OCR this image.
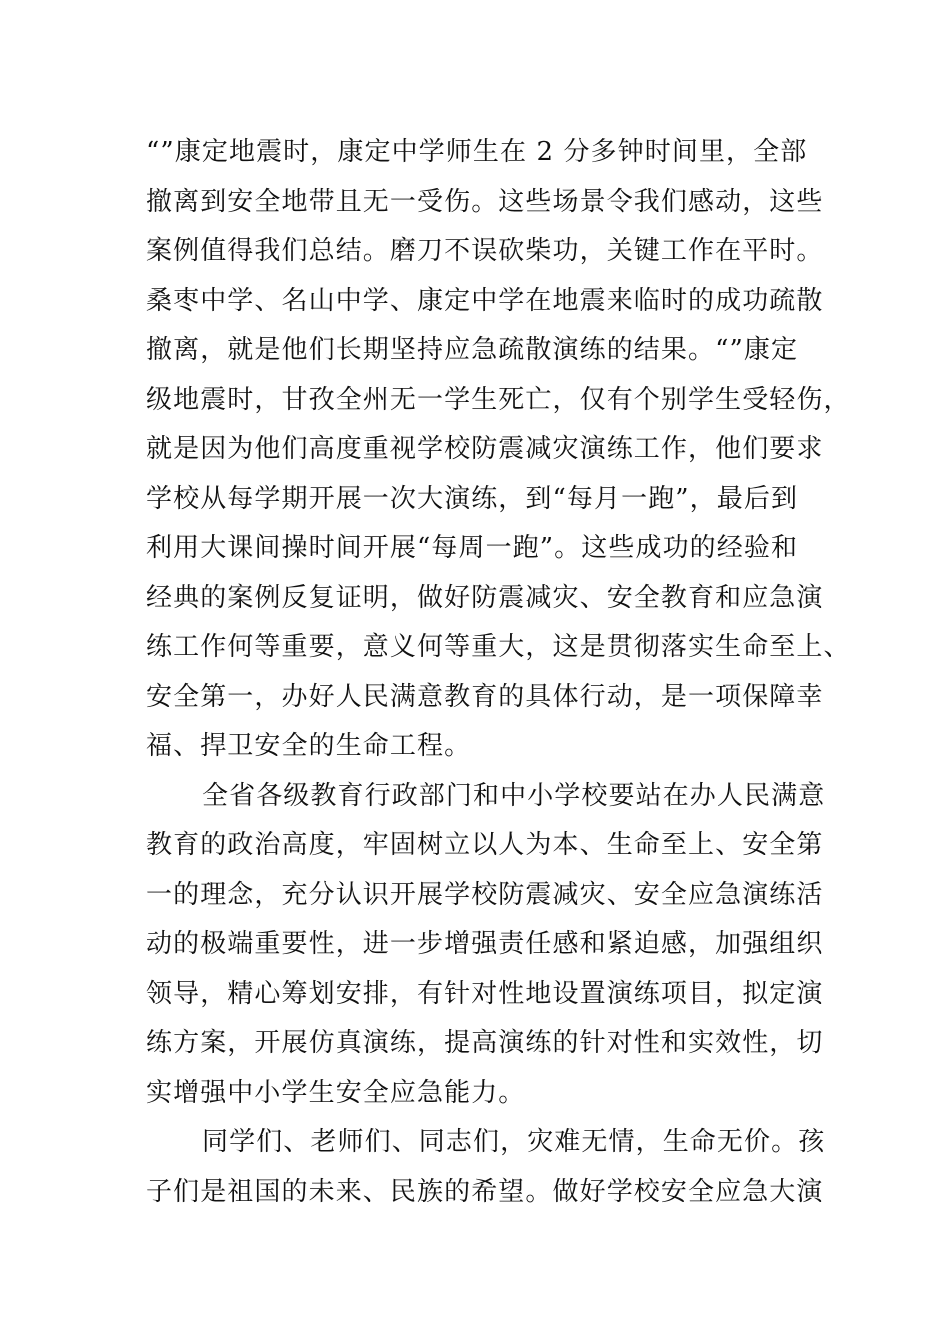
“”康定地震时，康定中学师生在 2 分多钟时间里，全部
撤离到安全地带且无一受伤。这些场景令我们感动，这些
案例值得我们总结。磨刀不误砍柴功，关键工作在平时。
桑枣中学、名山中学、康定中学在地震来临时的成功疏散
撤离，就是他们长期坚持应急疏散演练的结果。“”康定
级地震时，甘孜全州无一学生死亡，仅有个别学生受轻伤，
就是因为他们高度重视学校防震减灾演练工作，他们要求
学校从每学期开展一次大演练，到“每月一跑”，最后到
利用大课间操时间开展“每周一跑”。这些成功的经验和
经典的案例反复证明，做好防震减灾、安全教育和应急演
练工作何等重要，意义何等重大，这是贯彻落实生命至上、
安全第一，办好人民满意教育的具体行动，是一项保障幸
福、捍卫安全的生命工程。
全省各级教育行政部门和中小学校要站在办人民满意
教育的政治高度，牢固树立以人为本、生命至上、安全第
一的理念，充分认识开展学校防震减灾、安全应急演练活
动的极端重要性，进一步增强责任感和紧迫感，加强组织
领导，精心筹划安排，有针对性地设置演练项目，拟定演
练方案，开展仿真演练，提高演练的针对性和实效性，切
实增强中小学生安全应急能力。
同学们、老师们、同志们，灾难无情，生命无价。孩
子们是祖国的未来、民族的希望。做好学校安全应急大演
